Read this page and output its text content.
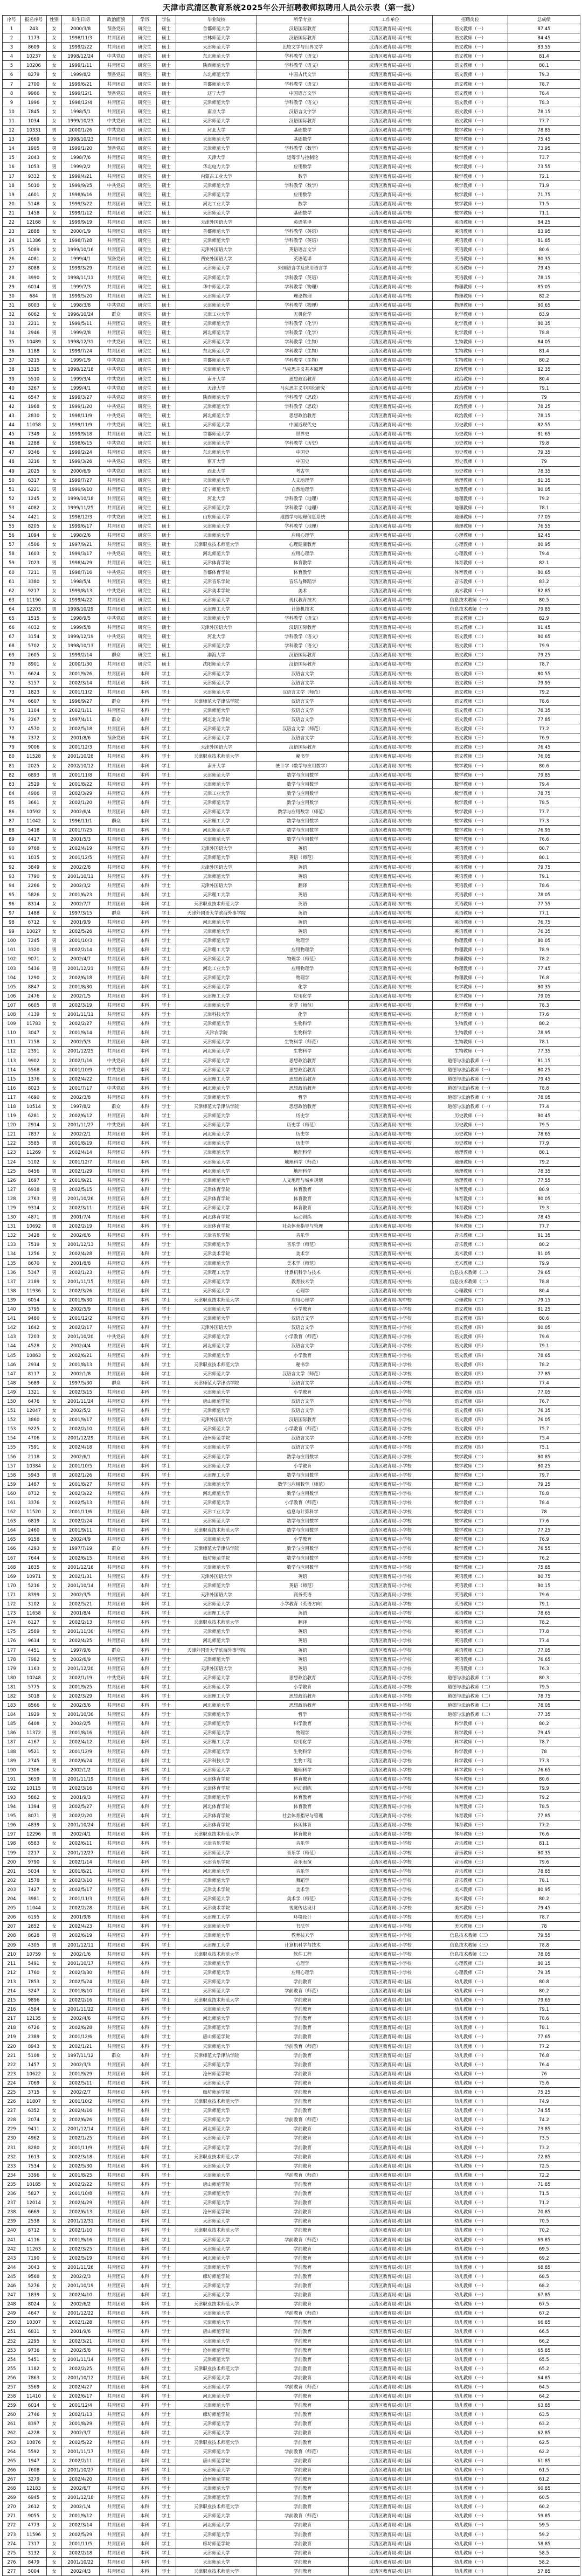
天津市武清区教育系统2025年公开招聘教师拟聘用人员公示表（第一批）
序号	报名序号	性别	出生日期	政治面貌	学历	学位	毕业院校	所学专业	工作单位	招聘岗位	总成绩
1	243	女	2000/3/8	预备党员	研究生	硕士	首都师范大学	汉语国际教育	武清区教育局-高中校	语文教师（一）	87.45
2	1173	女	1998/11/3	共青团员	研究生	硕士	吉林师范大学	汉语国际教育	武清区教育局-高中校	语文教师（一）	84.45
3	8609	女	1999/2/22	共青团员	研究生	硕士	天津师范大学	比较文学与世界文学	武清区教育局-高中校	语文教师（一）	83.55
4	10237	女	1998/12/24	中共党员	研究生	硕士	东北师范大学	学科教学（语文）	武清区教育局-高中校	语文教师（一）	81.4
5	10206	女	1999/1/11	共青团员	研究生	硕士	陕西师范大学	学科教学（语文）	武清区教育局-高中校	语文教师（一）	80.1
6	8279	女	1999/8/2	预备党员	研究生	硕士	东北师范大学	中国古代文学	武清区教育局-高中校	语文教师（一）	79.3
7	2700	女	1999/6/21	共青团员	研究生	硕士	首都师范大学	学科教学（语文）	武清区教育局-高中校	语文教师（一）	78.7
8	9966	女	1999/12/1	预备党员	研究生	硕士	辽宁大学	中国语言文学	武清区教育局-高中校	语文教师（一）	78.4
9	1996	女	1998/12/4	共青团员	研究生	硕士	天津师范大学	学科教学（语文）	武清区教育局-高中校	语文教师（一）	78.3
10	7845	女	1998/5/1	共青团员	研究生	硕士	南京大学	汉语言文字学	武清区教育局-高中校	语文教师（一）	78.15
11	1034	女	1999/10/23	中共党员	研究生	硕士	天津师范大学	汉语国际教育	武清区教育局-高中校	语文教师（一）	77.7
12	10331	男	2000/1/26	中共党员	研究生	硕士	河北大学	基础数学	武清区教育局-高中校	数学教师（一）	78.85
13	2669	女	1998/10/23	共青团员	研究生	硕士	天津师范大学	基础数学	武清区教育局-高中校	数学教师（一）	75.45
14	1905	男	1999/1/20	预备党员	研究生	硕士	天津师范大学	学科教学（数学）	武清区教育局-高中校	数学教师（一）	73.95
15	2043	女	1998/7/6	共青团员	研究生	硕士	天津大学	运筹学与控制论	武清区教育局-高中校	数学教师（一）	73.7
16	1053	男	1999/2/2	共青团员	研究生	硕士	华北电力大学	应用数学	武清区教育局-高中校	数学教师（一）	73.55
17	9332	女	1999/4/21	共青团员	研究生	硕士	内蒙古工业大学	数学	武清区教育局-高中校	数学教师（一）	72.1
18	5010	女	1999/9/25	中共党员	研究生	硕士	天津师范大学	学科教学（数学）	武清区教育局-高中校	数学教师（一）	71.9
19	4601	女	1998/6/16	共青团员	研究生	硕士	天津师范大学	应用数学	武清区教育局-高中校	数学教师（一）	71.75
20	5148	女	1999/3/22	共青团员	研究生	硕士	河北工业大学	数学	武清区教育局-高中校	数学教师（一）	71.5
21	1458	女	1999/1/12	共青团员	研究生	硕士	天津师范大学	基础数学	武清区教育局-高中校	数学教师（一）	71.1
22	12168	女	1999/9/19	共青团员	研究生	硕士	天津外国语大学	英语笔译	武清区教育局-高中校	英语教师（一）	84.25
23	2888	女	2000/1/9	共青团员	研究生	硕士	首都师范大学	学科教学（英语）	武清区教育局-高中校	英语教师（一）	83.95
24	11386	女	1998/7/28	共青团员	研究生	硕士	天津师范大学	学科教学（英语）	武清区教育局-高中校	英语教师（一）	81.85
25	5089	女	1999/10/16	共青团员	研究生	硕士	天津外国语大学	英语语言文学	武清区教育局-高中校	英语教师（一）	80.6
26	4081	女	1999/4/1	预备党员	研究生	硕士	西安外国语大学	英语笔译	武清区教育局-高中校	英语教师（一）	80.35
27	8088	女	1999/3/29	共青团员	研究生	硕士	天津师范大学	外国语言学及应用语言学	武清区教育局-高中校	英语教师（一）	79.45
28	3990	女	1998/11/11	共青团员	研究生	硕士	天津师范大学	学科教学（英语）	武清区教育局-高中校	英语教师（一）	78.15
29	6014	男	1999/7/3	共青团员	研究生	硕士	华中师范大学	学科教学（物理）	武清区教育局-高中校	物理教师（一）	85.05
30	684	男	1999/5/20	共青团员	研究生	硕士	天津师范大学	理论物理	武清区教育局-高中校	物理教师（一）	82.2
31	8003	女	1998/3/8	中共党员	研究生	硕士	天津师范大学	学科教学（物理）	武清区教育局-高中校	物理教师（一）	80.65
32	6062	女	1996/10/24	群众	研究生	硕士	天津工业大学	无机化学	武清区教育局-高中校	化学教师（一）	83.9
33	2211	女	1999/5/11	共青团员	研究生	硕士	天津师范大学	学科教学（化学）	武清区教育局-高中校	化学教师（一）	80.35
34	2946	男	1999/2/8	共青团员	研究生	硕士	河北师范大学	学科教学（化学）	武清区教育局-高中校	化学教师（一）	78.8
35	10489	女	1998/12/31	中共党员	研究生	硕士	天津师范大学	学科教学（生物）	武清区教育局-高中校	生物教师（一）	84.05
36	1188	女	1999/7/24	共青团员	研究生	硕士	东北师范大学	学科教学（生物）	武清区教育局-高中校	生物教师（一）	81.4
37	3215	女	1999/1/9	中共党员	研究生	硕士	首都师范大学	学科教学（生物）	武清区教育局-高中校	生物教师（一）	80.2
38	1315	女	1998/12/18	中共党员	研究生	硕士	天津师范大学	马克思主义基本原理	武清区教育局-高中校	政治教师（一）	82.35
39	5510	女	1999/3/4	中共党员	研究生	硕士	南开大学	思想政治教育	武清区教育局-高中校	政治教师（一）	80.4
40	3267	女	1999/4/1	中共党员	研究生	硕士	天津大学	马克思主义中国化研究	武清区教育局-高中校	政治教师（一）	79.1
41	6547	女	1999/3/27	中共党员	研究生	硕士	陕西师范大学	学科教学（思政）	武清区教育局-高中校	政治教师（一）	79
42	1968	女	1999/1/20	中共党员	研究生	硕士	天津师范大学	学科教学（思政）	武清区教育局-高中校	政治教师（一）	78.25
43	2830	女	1998/11/9	中共党员	研究生	硕士	河北师范大学	思想政治教育	武清区教育局-高中校	政治教师（一）	78.15
44	11058	女	1999/11/9	中共党员	研究生	硕士	天津师范大学	中国近现代史	武清区教育局-高中校	历史教师（一）	82.55
45	7349	女	1999/9/18	共青团员	研究生	硕士	首都师范大学	世界史	武清区教育局-高中校	历史教师（一）	81.65
46	2288	女	1998/6/15	中共党员	研究生	硕士	天津师范大学	学科教学（历史）	武清区教育局-高中校	历史教师（一）	79.8
47	9346	女	1999/2/24	共青团员	研究生	硕士	东北师范大学	中国史	武清区教育局-高中校	历史教师（一）	79.35
48	3216	女	1999/3/26	中共党员	研究生	硕士	南开大学	中国史	武清区教育局-高中校	历史教师（一）	79
49	2025	女	2000/6/9	中共党员	研究生	硕士	西北大学	考古学	武清区教育局-高中校	历史教师（一）	78.35
50	6317	女	1999/7/27	共青团员	研究生	硕士	天津师范大学	人文地理学	武清区教育局-高中校	地理教师（一）	81.35
51	6221	男	1999/9/10	共青团员	研究生	硕士	辽宁师范大学	自然地理学	武清区教育局-高中校	地理教师（一）	80.05
52	1245	女	1999/10/18	共青团员	研究生	硕士	河北大学	学科教学（地理）	武清区教育局-高中校	地理教师（一）	79.2
53	4082	女	1999/11/25	共青团员	研究生	硕士	天津师范大学	学科教学（地理）	武清区教育局-高中校	地理教师（一）	78.1
54	4421	女	1998/12/3	中共党员	研究生	硕士	山东师范大学	地图学与地理信息系统	武清区教育局-高中校	地理教师（一）	77.05
55	8205	女	1999/6/17	共青团员	研究生	硕士	天津师范大学	学科教学（地理）	武清区教育局-高中校	地理教师（一）	76.55
56	1094	女	1998/2/6	共青团员	研究生	硕士	天津师范大学	应用心理学	武清区教育局-高中校	心理教师（一）	82.45
57	4506	女	1997/9/21	共青团员	研究生	硕士	天津职业技术师范大学	心理健康教育	武清区教育局-高中校	心理教师（一）	80.95
58	1603	女	1999/3/17	中共党员	研究生	硕士	河北师范大学	应用心理学	武清区教育局-高中校	心理教师（一）	79.4
59	7023	男	1998/4/29	共青团员	研究生	硕士	天津体育学院	体育教学	武清区教育局-高中校	体育教师（一）	82.1
60	7211	男	1998/7/16	中共党员	研究生	硕士	首都体育学院	体育教学	武清区教育局-高中校	体育教师（一）	80.65
61	3380	女	1998/5/4	共青团员	研究生	硕士	天津音乐学院	音乐与舞蹈学	武清区教育局-高中校	音乐教师（一）	83.2
62	9217	女	1999/8/13	中共党员	研究生	硕士	天津美术学院	美术	武清区教育局-高中校	美术教师（一）	82.85
63	11190	女	1999/4/22	共青团员	研究生	硕士	天津师范大学	现代教育技术	武清区教育局-高中校	信息技术教师（一）	80.5
64	12203	男	1998/10/29	共青团员	研究生	硕士	天津理工大学	计算机技术	武清区教育局-高中校	信息技术教师（一）	79.85
65	1515	女	1998/9/5	中共党员	研究生	硕士	天津师范大学	学科教学（语文）	武清区教育局-初中校	语文教师（二）	82.9
66	4032	女	1999/5/8	共青团员	研究生	硕士	天津外国语大学	汉语国际教育	武清区教育局-初中校	语文教师（二）	81.45
67	3154	女	1999/12/19	中共党员	研究生	硕士	河北大学	学科教学（语文）	武清区教育局-初中校	语文教师（二）	80.65
68	5702	女	1998/10/13	共青团员	研究生	硕士	天津师范大学	学科教学（语文）	武清区教育局-初中校	语文教师（二）	79.9
69	2605	女	1999/2/14	群众	研究生	硕士	渤海大学	汉语国际教育	武清区教育局-初中校	语文教师（二）	79.25
70	8901	女	2000/1/30	共青团员	研究生	硕士	沈阳师范大学	汉语国际教育	武清区教育局-初中校	语文教师（二）	78.7
71	6624	女	2001/9/26	共青团员	本科	学士	天津师范大学	汉语言文学	武清区教育局-初中校	语文教师（三）	80.55
72	3157	女	2002/3/14	共青团员	本科	学士	天津师范大学	汉语言文学	武清区教育局-初中校	语文教师（三）	79.95
73	1823	女	2001/11/2	共青团员	本科	学士	天津师范大学	汉语言文学（师范）	武清区教育局-初中校	语文教师（三）	79.2
74	6607	女	1996/9/27	群众	本科	学士	天津师范大学津沽学院	汉语言文学	武清区教育局-初中校	语文教师（三）	78.6
75	1104	女	2002/1/11	共青团员	本科	学士	天津师范大学	汉语言文学	武清区教育局-初中校	语文教师（三）	78.35
76	2267	女	1997/4/11	群众	本科	学士	河北北方学院	汉语言文学	武清区教育局-初中校	语文教师（三）	77.85
77	4570	女	2002/5/18	共青团员	本科	学士	天津师范大学	汉语言文学（师范）	武清区教育局-初中校	语文教师（三）	77.2
78	7372	女	2001/8/6	预备党员	本科	学士	天津师范大学	汉语言文学	武清区教育局-初中校	语文教师（三）	76.9
79	9006	女	2001/12/3	共青团员	本科	学士	天津外国语大学	汉语国际教育	武清区教育局-初中校	语文教师（三）	76.45
80	11528	女	2001/10/28	共青团员	本科	学士	天津职业技术师范大学	秘书学	武清区教育局-初中校	语文教师（三）	76.05
81	2025	女	2002/10/12	共青团员	本科	学士	南开大学	统计学（数学与应用数学）	武清区教育局-初中校	数学教师（一）	80.6
82	6893	男	2001/11/8	共青团员	本科	学士	天津师范大学	数学与应用数学	武清区教育局-初中校	数学教师（一）	79.85
83	2529	女	2001/8/22	共青团员	本科	学士	天津师范大学	数学与应用数学	武清区教育局-初中校	数学教师（一）	79.4
84	4906	男	2002/3/29	共青团员	本科	学士	天津工业大学	数学与应用数学	武清区教育局-初中校	数学教师（一）	78.75
85	3661	女	2002/1/20	共青团员	本科	学士	天津师范大学	数学与应用数学	武清区教育局-初中校	数学教师（一）	78.5
86	10592	女	2002/6/4	共青团员	本科	学士	天津师范大学	数学与应用数学（师范）	武清区教育局-初中校	数学教师（一）	77.7
87	11042	女	1996/11/1	群众	本科	学士	天津理工大学	数学与应用数学	武清区教育局-初中校	数学教师（一）	77.3
88	5418	女	2001/7/25	共青团员	本科	学士	河北师范大学	数学与应用数学	武清区教育局-初中校	数学教师（一）	76.95
89	4417	男	2001/5/3	共青团员	本科	学士	天津师范大学	数学与应用数学	武清区教育局-初中校	数学教师（一）	76.6
90	9768	女	2002/4/19	共青团员	本科	学士	天津外国语大学	英语	武清区教育局-初中校	英语教师（一）	80.7
91	1035	女	2001/12/5	共青团员	本科	学士	天津师范大学	英语（师范）	武清区教育局-初中校	英语教师（一）	80.1
92	3849	女	2002/2/8	共青团员	本科	学士	天津外国语大学	英语	武清区教育局-初中校	英语教师（一）	79.75
93	7790	女	2001/10/11	共青团员	本科	学士	天津师范大学	英语	武清区教育局-初中校	英语教师（一）	79.1
94	2266	女	2002/3/2	共青团员	本科	学士	天津外国语大学	翻译	武清区教育局-初中校	英语教师（一）	78.6
95	5826	女	2001/6/23	共青团员	本科	学士	天津理工大学	英语	武清区教育局-初中校	英语教师（一）	78.05
96	8314	女	2002/7/7	共青团员	本科	学士	天津职业技术师范大学	英语	武清区教育局-初中校	英语教师（一）	77.55
97	1488	女	1997/3/15	群众	本科	学士	天津外国语大学滨海外事学院	英语	武清区教育局-初中校	英语教师（一）	77.1
98	6712	女	2001/9/9	共青团员	本科	学士	河北师范大学	英语	武清区教育局-初中校	英语教师（一）	76.75
99	10027	女	2002/5/26	共青团员	本科	学士	天津师范大学	英语	武清区教育局-初中校	英语教师（一）	76.35
100	7245	男	2001/10/3	共青团员	本科	学士	天津师范大学	物理学	武清区教育局-初中校	物理教师（一）	80.05
101	3320	男	2002/2/14	共青团员	本科	学士	天津理工大学	应用物理学	武清区教育局-初中校	物理教师（一）	78.9
102	9071	女	2002/4/7	共青团员	本科	学士	天津师范大学	物理学（师范）	武清区教育局-初中校	物理教师（一）	78.2
103	5436	男	2001/12/21	共青团员	本科	学士	河北工业大学	应用物理学	武清区教育局-初中校	物理教师（一）	77.45
104	1290	女	2002/6/18	共青团员	本科	学士	天津师范大学	物理学	武清区教育局-初中校	物理教师（一）	76.8
105	8847	女	2001/8/30	共青团员	本科	学士	天津师范大学	化学	武清区教育局-初中校	化学教师（一）	80.35
106	2476	女	2002/1/5	共青团员	本科	学士	天津理工大学	应用化学	武清区教育局-初中校	化学教师（一）	79.05
107	6605	男	2002/3/19	共青团员	本科	学士	天津师范大学	化学（师范）	武清区教育局-初中校	化学教师（一）	78.3
108	4139	女	2001/11/11	共青团员	本科	学士	天津科技大学	化学	武清区教育局-初中校	化学教师（一）	77.6
109	11783	女	2002/2/27	共青团员	本科	学士	天津师范大学	生物科学	武清区教育局-初中校	生物教师（一）	80.2
110	3047	女	2001/9/14	共青团员	本科	学士	天津农学院	生物科学	武清区教育局-初中校	生物教师（一）	78.95
111	7158	女	2002/5/3	共青团员	本科	学士	天津师范大学	生物科学（师范）	武清区教育局-初中校	生物教师（一）	78.1
112	2391	女	2001/12/25	共青团员	本科	学士	河北师范大学	生物科学	武清区教育局-初中校	生物教师（一）	77.35
113	9902	女	2002/1/16	中共党员	本科	学士	天津师范大学	思想政治教育	武清区教育局-初中校	道德与法治教师（一）	81.15
114	5568	女	2001/10/9	中共党员	本科	学士	天津师范大学	思想政治教育	武清区教育局-初中校	道德与法治教师（一）	80.25
115	1376	女	2002/4/22	共青团员	本科	学士	天津理工大学	思想政治教育	武清区教育局-初中校	道德与法治教师（一）	79.45
116	8023	女	2001/7/17	中共党员	本科	学士	河北师范大学	思想政治教育	武清区教育局-初中校	道德与法治教师（一）	78.8
117	4690	女	2002/3/8	共青团员	本科	学士	天津师范大学	哲学	武清区教育局-初中校	道德与法治教师（一）	78.05
118	10514	女	1997/8/2	群众	本科	学士	天津师范大学津沽学院	思想政治教育	武清区教育局-初中校	道德与法治教师（一）	77.4
119	6281	女	2002/6/12	共青团员	本科	学士	天津师范大学	历史学	武清区教育局-初中校	历史教师（一）	80.45
120	2914	女	2001/11/27	中共党员	本科	学士	天津师范大学	历史学（师范）	武清区教育局-初中校	历史教师（一）	79.5
121	7837	女	2002/2/1	共青团员	本科	学士	河北师范大学	历史学	武清区教育局-初中校	历史教师（一）	78.65
122	3585	男	2001/8/19	共青团员	本科	学士	天津师范大学	历史学	武清区教育局-初中校	历史教师（一）	77.9
123	11269	女	2002/4/14	共青团员	本科	学士	天津师范大学	地理科学	武清区教育局-初中校	地理教师（一）	80.1
124	5102	女	2001/12/7	共青团员	本科	学士	天津师范大学	地理科学（师范）	武清区教育局-初中校	地理教师（一）	79.2
125	8456	男	2002/1/29	共青团员	本科	学士	河北师范大学	地理科学	武清区教育局-初中校	地理教师（一）	78.35
126	1697	女	2001/9/21	共青团员	本科	学士	天津师范大学	人文地理与城乡规划	武清区教育局-初中校	地理教师（一）	77.55
127	6938	男	2002/5/15	共青团员	本科	学士	天津体育学院	体育教育	武清区教育局-初中校	体育教师（二）	80.9
128	2763	男	2001/10/26	共青团员	本科	学士	天津体育学院	体育教育	武清区教育局-初中校	体育教师（二）	80.05
129	9314	女	2002/3/11	共青团员	本科	学士	天津师范大学	体育教育	武清区教育局-初中校	体育教师（二）	79.3
130	4871	男	2001/7/4	共青团员	本科	学士	河北体育学院	运动训练	武清区教育局-初中校	体育教师（二）	78.45
131	10692	男	2002/2/19	共青团员	本科	学士	天津体育学院	社会体育指导与管理	武清区教育局-初中校	体育教师（二）	77.7
132	3428	女	2002/6/6	共青团员	本科	学士	天津音乐学院	音乐学	武清区教育局-初中校	音乐教师（二）	81.35
133	7519	女	2001/12/13	共青团员	本科	学士	天津师范大学	音乐学（师范）	武清区教育局-初中校	音乐教师（二）	80.2
134	1256	女	2002/4/28	共青团员	本科	学士	天津美术学院	美术学	武清区教育局-初中校	美术教师（二）	81.05
135	8670	女	2001/8/8	共青团员	本科	学士	天津师范大学	美术学（师范）	武清区教育局-初中校	美术教师（二）	79.9
136	5347	男	2002/1/23	共青团员	本科	学士	天津理工大学	计算机科学与技术	武清区教育局-初中校	信息技术教师（二）	79.65
137	2189	女	2001/11/15	共青团员	本科	学士	天津师范大学	教育技术学	武清区教育局-初中校	信息技术教师（二）	78.8
138	11936	女	2002/3/26	共青团员	本科	学士	天津师范大学	心理学	武清区教育局-初中校	心理教师（二）	80.4
139	6054	女	2001/9/30	共青团员	本科	学士	天津职业技术师范大学	应用心理学	武清区教育局-初中校	心理教师（二）	79.15
140	3795	女	2002/5/9	共青团员	本科	学士	天津师范大学	小学教育	武清区教育局-小学校	语文教师（四）	81.25
141	9480	女	2001/12/2	共青团员	本科	学士	天津师范大学	汉语言文学	武清区教育局-小学校	语文教师（四）	80.6
142	1642	女	2002/2/17	共青团员	本科	学士	天津外国语大学	汉语言文学	武清区教育局-小学校	语文教师（四）	80.05
143	7203	女	2001/10/20	中共党员	本科	学士	天津师范大学	小学教育（师范）	武清区教育局-小学校	语文教师（四）	79.6
144	4528	女	2002/4/4	共青团员	本科	学士	河北师范大学	汉语言文学	武清区教育局-小学校	语文教师（四）	79.1
145	10863	女	2002/6/21	共青团员	本科	学士	天津师范大学	小学教育	武清区教育局-小学校	语文教师（四）	78.65
146	2934	女	2001/8/13	共青团员	本科	学士	天津职业技术师范大学	秘书学	武清区教育局-小学校	语文教师（四）	78.2
147	8117	女	2002/1/8	共青团员	本科	学士	天津师范大学	汉语言文学（师范）	武清区教育局-小学校	语文教师（四）	77.85
148	5689	女	1997/5/30	群众	本科	学士	天津师范大学津沽学院	汉语言文学	武清区教育局-小学校	语文教师（四）	77.4
149	1321	女	2002/3/15	共青团员	本科	学士	天津师范大学	小学教育	武清区教育局-小学校	语文教师（四）	77.05
150	6476	女	2001/11/24	共青团员	本科	学士	唐山师范学院	汉语言文学	武清区教育局-小学校	语文教师（四）	76.7
151	12047	女	2002/5/2	共青团员	本科	学士	天津师范大学	汉语言文学	武清区教育局-小学校	语文教师（四）	76.35
152	3860	女	2001/9/17	共青团员	本科	学士	天津外国语大学	汉语国际教育	武清区教育局-小学校	语文教师（四）	76.05
153	9225	女	2002/2/10	共青团员	本科	学士	天津师范大学	小学教育（师范）	武清区教育局-小学校	语文教师（四）	75.7
154	4706	女	2001/12/29	共青团员	本科	学士	沧州师范学院	汉语言文学	武清区教育局-小学校	语文教师（四）	75.4
155	7591	女	2002/4/18	共青团员	本科	学士	天津师范大学	汉语言文学	武清区教育局-小学校	语文教师（四）	75.1
156	2118	女	2002/6/1	共青团员	本科	学士	天津师范大学	数学与应用数学	武清区教育局-小学校	数学教师（二）	80.85
157	10384	女	2001/10/5	共青团员	本科	学士	天津师范大学	小学教育	武清区教育局-小学校	数学教师（二）	80.25
158	5943	男	2002/1/26	共青团员	本科	学士	天津理工大学	数学与应用数学	武清区教育局-小学校	数学教师（二）	79.7
159	1487	女	2001/8/27	共青团员	本科	学士	天津师范大学	数学与应用数学（师范）	武清区教育局-小学校	数学教师（二）	79.25
160	8732	女	2002/3/22	共青团员	本科	学士	河北师范大学	数学与应用数学	武清区教育局-小学校	数学教师（二）	78.8
161	3376	女	2002/5/13	共青团员	本科	学士	天津师范大学	小学教育（师范）	武清区教育局-小学校	数学教师（二）	78.4
162	11520	女	2001/11/6	共青团员	本科	学士	天津工业大学	信息与计算科学	武清区教育局-小学校	数学教师（二）	78
163	6819	女	2002/2/24	共青团员	本科	学士	天津师范大学	数学与应用数学	武清区教育局-小学校	数学教师（二）	77.6
164	2460	男	2001/9/11	共青团员	本科	学士	天津职业技术师范大学	数学与应用数学	武清区教育局-小学校	数学教师（二）	77.25
165	9158	女	2002/4/9	共青团员	本科	学士	天津师范大学	小学教育	武清区教育局-小学校	数学教师（二）	76.9
166	4293	女	1997/7/19	群众	本科	学士	天津师范大学津沽学院	数学与应用数学	武清区教育局-小学校	数学教师（二）	76.55
167	7644	女	2002/6/15	共青团员	本科	学士	廊坊师范学院	数学与应用数学	武清区教育局-小学校	数学教师（二）	76.2
168	1835	女	2001/12/16	共青团员	本科	学士	天津师范大学	数学与应用数学	武清区教育局-小学校	数学教师（二）	75.85
169	10971	女	2002/1/31	共青团员	本科	学士	天津外国语大学	英语	武清区教育局-小学校	英语教师（二）	80.75
170	5216	女	2001/10/14	共青团员	本科	学士	天津师范大学	英语（师范）	武清区教育局-小学校	英语教师（二）	80.15
171	8399	女	2002/3/5	共青团员	本科	学士	天津外国语大学	商务英语	武清区教育局-小学校	英语教师（二）	79.6
172	3102	女	2002/5/21	共青团员	本科	学士	天津师范大学	小学教育（英语方向）	武清区教育局-小学校	英语教师（二）	79.1
173	11658	女	2001/8/4	共青团员	本科	学士	天津理工大学	英语	武清区教育局-小学校	英语教师（二）	78.65
174	6127	女	2002/2/13	共青团员	本科	学士	天津职业技术师范大学	翻译	武清区教育局-小学校	英语教师（二）	78.2
175	2589	女	2001/11/30	共青团员	本科	学士	天津师范大学	英语	武清区教育局-小学校	英语教师（二）	77.8
176	9634	女	2002/4/25	共青团员	本科	学士	河北师范大学	英语	武清区教育局-小学校	英语教师（二）	77.4
177	4451	女	1997/9/6	群众	本科	学士	天津外国语大学滨海外事学院	英语	武清区教育局-小学校	英语教师（二）	77.05
178	7982	女	2002/6/9	共青团员	本科	学士	天津师范大学	英语	武清区教育局-小学校	英语教师（二）	76.65
179	1163	女	2001/12/20	共青团员	本科	学士	天津外国语大学	英语	武清区教育局-小学校	英语教师（二）	76.3
180	10248	女	2002/1/19	中共党员	本科	学士	天津师范大学	思想政治教育	武清区教育局-小学校	道德与法治教师（二）	80.3
181	5775	女	2001/9/25	共青团员	本科	学士	天津师范大学	小学教育	武清区教育局-小学校	道德与法治教师（二）	79.5
182	3018	女	2002/3/29	共青团员	本科	学士	天津理工大学	思想政治教育	武清区教育局-小学校	道德与法治教师（二）	78.75
183	8566	女	2002/5/6	共青团员	本科	学士	河北师范大学	思想政治教育	武清区教育局-小学校	道德与法治教师（二）	78.05
184	1929	女	2001/10/30	共青团员	本科	学士	天津师范大学	哲学	武清区教育局-小学校	道德与法治教师（二）	77.35
185	6408	女	2002/2/5	共青团员	本科	学士	天津师范大学	科学教育	武清区教育局-小学校	科学教师（一）	80.2
186	11372	男	2001/8/16	共青团员	本科	学士	天津师范大学	物理学	武清区教育局-小学校	科学教师（一）	79.45
187	4167	女	2002/4/12	共青团员	本科	学士	天津理工大学	应用化学	武清区教育局-小学校	科学教师（一）	78.7
188	9521	女	2001/12/9	共青团员	本科	学士	天津师范大学	生物科学	武清区教育局-小学校	科学教师（一）	78
189	2745	男	2002/6/24	共青团员	本科	学士	天津科技大学	生物工程	武清区教育局-小学校	科学教师（一）	77.3
190	7306	女	2002/1/2	共青团员	本科	学士	天津师范大学	地理科学	武清区教育局-小学校	科学教师（一）	76.65
191	3659	男	2001/11/19	共青团员	本科	学士	天津体育学院	体育教育	武清区教育局-小学校	体育教师（三）	80.6
192	10115	男	2002/3/16	共青团员	本科	学士	天津体育学院	运动训练	武清区教育局-小学校	体育教师（三）	79.9
193	5862	女	2001/9/3	共青团员	本科	学士	天津师范大学	体育教育	武清区教育局-小学校	体育教师（三）	79.2
194	1394	男	2002/5/27	共青团员	本科	学士	河北体育学院	体育教育	武清区教育局-小学校	体育教师（三）	78.5
195	8071	男	2002/2/20	共青团员	本科	学士	天津体育学院	社会体育指导与管理	武清区教育局-小学校	体育教师（三）	77.85
196	4839	女	2001/10/24	共青团员	本科	学士	天津体育学院	休闲体育	武清区教育局-小学校	体育教师（三）	77.2
197	12296	男	2002/4/1	共青团员	本科	学士	天津职业技术师范大学	体育教育	武清区教育局-小学校	体育教师（三）	76.6
198	6583	女	2002/6/11	共青团员	本科	学士	天津音乐学院	音乐学	武清区教育局-小学校	音乐教师（三）	81.1
199	2217	女	2001/12/27	共青团员	本科	学士	天津师范大学	音乐学（师范）	武清区教育局-小学校	音乐教师（三）	80.35
200	9790	女	2002/1/14	共青团员	本科	学士	天津音乐学院	音乐表演	武清区教育局-小学校	音乐教师（三）	79.6
201	5034	女	2001/8/21	共青团员	本科	学士	河北师范大学	音乐学	武清区教育局-小学校	音乐教师（三）	78.85
202	1578	女	2002/3/10	共青团员	本科	学士	天津师范大学	舞蹈学	武清区教育局-小学校	音乐教师（三）	78.1
203	7427	女	2002/5/17	共青团员	本科	学士	天津美术学院	美术学	武清区教育局-小学校	美术教师（三）	80.95
204	3981	女	2001/11/3	共青团员	本科	学士	天津师范大学	美术学（师范）	武清区教育局-小学校	美术教师（三）	80.2
205	11044	女	2002/2/28	共青团员	本科	学士	天津美术学院	视觉传达设计	武清区教育局-小学校	美术教师（三）	79.45
206	6195	女	2001/9/8	共青团员	本科	学士	天津理工大学	环境设计	武清区教育局-小学校	美术教师（三）	78.7
207	2852	女	2002/4/23	共青团员	本科	学士	天津师范大学	书法学	武清区教育局-小学校	美术教师（三）	78
208	8628	男	2002/6/19	共青团员	本科	学士	天津师范大学	教育技术学	武清区教育局-小学校	信息技术教师（三）	79.55
209	4305	男	2001/12/11	共青团员	本科	学士	天津理工大学	计算机科学与技术	武清区教育局-小学校	信息技术教师（三）	78.8
210	10759	女	2002/1/6	共青团员	本科	学士	天津职业技术师范大学	软件工程	武清区教育局-小学校	信息技术教师（三）	78.05
211	5491	女	2001/10/17	共青团员	本科	学士	天津师范大学	心理学	武清区教育局-小学校	心理教师（三）	80.15
212	1760	女	2002/3/30	共青团员	本科	学士	天津师范大学	应用心理学	武清区教育局-小学校	心理教师（三）	79.35
213	7853	女	2002/5/24	共青团员	本科	学士	天津师范大学	学前教育	武清区教育局-幼儿园	幼儿教师（一）	80.8
214	3247	女	2001/8/10	共青团员	本科	学士	天津师范大学	学前教育（师范）	武清区教育局-幼儿园	幼儿教师（一）	80.2
215	9896	女	2002/2/16	共青团员	本科	学士	天津职业技术师范大学	学前教育	武清区教育局-幼儿园	幼儿教师（一）	79.65
216	4584	女	2001/11/22	共青团员	本科	学士	天津师范大学	学前教育	武清区教育局-幼儿园	幼儿教师（一）	79.1
217	12135	女	2002/4/6	共青团员	本科	学士	河北师范大学	学前教育	武清区教育局-幼儿园	幼儿教师（一）	78.6
218	6726	女	2002/6/28	共青团员	本科	学士	天津师范大学	学前教育	武清区教育局-幼儿园	幼儿教师（一）	78.1
219	2389	女	2001/12/6	共青团员	本科	学士	唐山师范学院	学前教育	武清区教育局-幼儿园	幼儿教师（一）	77.65
220	8943	女	2002/1/21	共青团员	本科	学士	天津师范大学	学前教育（师范）	武清区教育局-幼儿园	幼儿教师（一）	77.2
221	5108	女	1997/11/12	群众	本科	学士	天津师范大学津沽学院	学前教育	武清区教育局-幼儿园	幼儿教师（一）	76.8
222	1457	女	2002/3/3	共青团员	本科	学士	天津师范大学	学前教育	武清区教育局-幼儿园	幼儿教师（一）	76.4
223	10622	女	2001/9/29	共青团员	本科	学士	沧州师范学院	学前教育	武清区教育局-幼儿园	幼儿教师（一）	76
224	7069	女	2002/5/11	共青团员	本科	学士	天津师范大学	学前教育	武清区教育局-幼儿园	幼儿教师（一）	75.6
225	3715	女	2002/2/7	共青团员	本科	学士	廊坊师范学院	学前教育	武清区教育局-幼儿园	幼儿教师（一）	75.25
226	11807	女	2001/10/2	共青团员	本科	学士	天津职业技术师范大学	学前教育	武清区教育局-幼儿园	幼儿教师（一）	74.9
227	6352	女	2002/4/16	共青团员	本科	学士	天津师范大学	学前教育	武清区教育局-幼儿园	幼儿教师（一）	74.55
228	2074	女	2002/6/26	共青团员	本科	学士	天津师范大学	学前教育（师范）	武清区教育局-幼儿园	幼儿教师（一）	74.2
229	9411	女	2001/12/14	共青团员	本科	学士	河北师范大学	学前教育	武清区教育局-幼儿园	幼儿教师（一）	73.85
230	4962	女	2002/1/25	共青团员	本科	学士	天津师范大学	学前教育	武清区教育局-幼儿园	幼儿教师（一）	73.5
231	8280	女	2001/11/9	共青团员	本科	学士	天津师范大学	学前教育	武清区教育局-幼儿园	幼儿教师（一）	73.2
232	1613	女	2002/3/18	共青团员	本科	学士	天津职业技术师范大学	学前教育	武清区教育局-幼儿园	幼儿教师（一）	72.85
233	7534	女	2002/5/30	共青团员	本科	学士	天津师范大学	学前教育	武清区教育局-幼儿园	幼儿教师（一）	72.5
234	3396	女	2001/8/25	共青团员	本科	学士	天津师范大学	学前教育（师范）	武清区教育局-幼儿园	幼儿教师（一）	72.2
235	10185	女	2002/2/22	共青团员	本科	学士	唐山师范学院	学前教育	武清区教育局-幼儿园	幼儿教师（一）	71.85
236	5827	女	2001/10/8	共青团员	本科	学士	天津师范大学	学前教育	武清区教育局-幼儿园	幼儿教师（一）	71.5
237	12014	女	2002/4/29	共青团员	本科	学士	天津师范大学	学前教育	武清区教育局-幼儿园	幼儿教师（一）	71.2
238	6669	女	2002/6/13	共青团员	本科	学士	沧州师范学院	学前教育	武清区教育局-幼儿园	幼儿教师（一）	70.85
239	2538	女	2001/12/31	共青团员	本科	学士	天津师范大学	学前教育	武清区教育局-幼儿园	幼儿教师（一）	70.5
240	8712	女	2002/1/10	共青团员	本科	学士	天津职业技术师范大学	学前教育	武清区教育局-幼儿园	幼儿教师（一）	70.2
241	4116	女	2001/9/16	共青团员	本科	学士	天津师范大学	学前教育（师范）	武清区教育局-幼儿园	幼儿教师（一）	69.85
242	11263	女	2002/3/25	共青团员	本科	学士	天津师范大学	学前教育	武清区教育局-幼儿园	幼儿教师（一）	69.5
243	7190	女	2002/5/19	共青团员	本科	学士	河北师范大学	学前教育	武清区教育局-幼儿园	幼儿教师（一）	69.2
244	3043	女	2001/11/26	共青团员	本科	学士	天津师范大学	学前教育	武清区教育局-幼儿园	幼儿教师（一）	68.85
245	9568	女	2002/2/3	共青团员	本科	学士	廊坊师范学院	学前教育	武清区教育局-幼儿园	幼儿教师（一）	68.5
246	5276	女	2001/10/19	共青团员	本科	学士	天津师范大学	学前教育	武清区教育局-幼儿园	幼儿教师（一）	68.2
247	1839	女	2002/4/10	共青团员	本科	学士	天津师范大学	学前教育	武清区教育局-幼儿园	幼儿教师（一）	67.85
248	8024	女	2002/6/2	共青团员	本科	学士	天津职业技术师范大学	学前教育	武清区教育局-幼儿园	幼儿教师（一）	67.5
249	4647	女	2001/12/22	共青团员	本科	学士	天津师范大学	学前教育（师范）	武清区教育局-幼儿园	幼儿教师（一）	67.2
250	10307	女	2002/1/28	共青团员	本科	学士	天津师范大学	学前教育	武清区教育局-幼儿园	幼儿教师（一）	66.85
251	6831	女	2001/9/6	共青团员	本科	学士	唐山师范学院	学前教育	武清区教育局-幼儿园	幼儿教师（一）	66.5
252	2295	女	2002/3/21	共青团员	本科	学士	天津师范大学	学前教育	武清区教育局-幼儿园	幼儿教师（一）	66.2
253	9736	女	2002/5/8	共青团员	本科	学士	沧州师范学院	学前教育	武清区教育局-幼儿园	幼儿教师（一）	65.85
254	5451	女	2001/11/14	共青团员	本科	学士	天津师范大学	学前教育	武清区教育局-幼儿园	幼儿教师（一）	65.5
255	1182	女	2002/2/25	共青团员	本科	学士	天津职业技术师范大学	学前教育	武清区教育局-幼儿园	幼儿教师（一）	65.2
256	7863	女	2001/10/12	共青团员	本科	学士	天津师范大学	学前教育	武清区教育局-幼儿园	幼儿教师（一）	64.85
257	3569	女	2002/4/27	共青团员	本科	学士	天津师范大学	学前教育（师范）	武清区教育局-幼儿园	幼儿教师（一）	64.5
258	11410	女	2002/6/17	共青团员	本科	学士	河北师范大学	学前教育	武清区教育局-幼儿园	幼儿教师（一）	64.2
259	6014	女	2001/12/4	共青团员	本科	学士	天津师范大学	学前教育	武清区教育局-幼儿园	幼儿教师（一）	63.85
260	2746	女	2002/1/13	共青团员	本科	学士	廊坊师范学院	学前教育	武清区教育局-幼儿园	幼儿教师（一）	63.5
261	8397	女	2001/8/29	共青团员	本科	学士	天津师范大学	学前教育	武清区教育局-幼儿园	幼儿教师（一）	63.2
262	4228	女	2002/3/7	共青团员	本科	学士	天津师范大学	学前教育	武清区教育局-幼儿园	幼儿教师（一）	62.85
263	10876	女	2002/5/22	共青团员	本科	学士	天津职业技术师范大学	学前教育	武清区教育局-幼儿园	幼儿教师（一）	62.5
264	5592	女	2001/11/17	共青团员	本科	学士	天津师范大学	学前教育（师范）	武清区教育局-幼儿园	幼儿教师（一）	62.2
265	1947	女	2002/2/11	共青团员	本科	学士	唐山师范学院	学前教育	武清区教育局-幼儿园	幼儿教师（一）	61.85
266	7608	女	2001/10/27	共青团员	本科	学士	天津师范大学	学前教育	武清区教育局-幼儿园	幼儿教师（一）	61.5
267	3279	女	2002/4/20	共青团员	本科	学士	沧州师范学院	学前教育	武清区教育局-幼儿园	幼儿教师（一）	61.2
268	12183	女	2002/6/7	共青团员	本科	学士	天津师范大学	学前教育	武清区教育局-幼儿园	幼儿教师（一）	60.85
269	6945	女	2001/12/18	共青团员	本科	学士	天津师范大学	学前教育	武清区教育局-幼儿园	幼儿教师（一）	60.5
270	2612	女	2002/1/4	共青团员	本科	学士	天津职业技术师范大学	学前教育	武清区教育局-幼儿园	幼儿教师（一）	60.2
271	9055	女	2001/9/12	共青团员	本科	学士	天津师范大学	学前教育（师范）	武清区教育局-幼儿园	幼儿教师（一）	59.85
272	4773	女	2002/3/14	共青团员	本科	学士	河北师范大学	学前教育	武清区教育局-幼儿园	幼儿教师（一）	59.5
273	11596	女	2002/5/29	共青团员	本科	学士	天津师范大学	学前教育	武清区教育局-幼儿园	幼儿教师（一）	59.2
274	7317	女	2001/11/5	共青团员	本科	学士	廊坊师范学院	学前教育	武清区教育局-幼儿园	幼儿教师（一）	58.85
275	3132	女	2002/2/18	共青团员	本科	学士	天津师范大学	学前教育	武清区教育局-幼儿园	幼儿教师（一）	58.5
276	8479	女	2001/10/22	共青团员	本科	学士	天津师范大学	学前教育	武清区教育局-幼儿园	幼儿教师（一）	58.2
277	5004	女	2002/4/3	共青团员	本科	学士	天津职业技术师范大学	学前教育	武清区教育局-幼儿园	幼儿教师（一）	57.85
